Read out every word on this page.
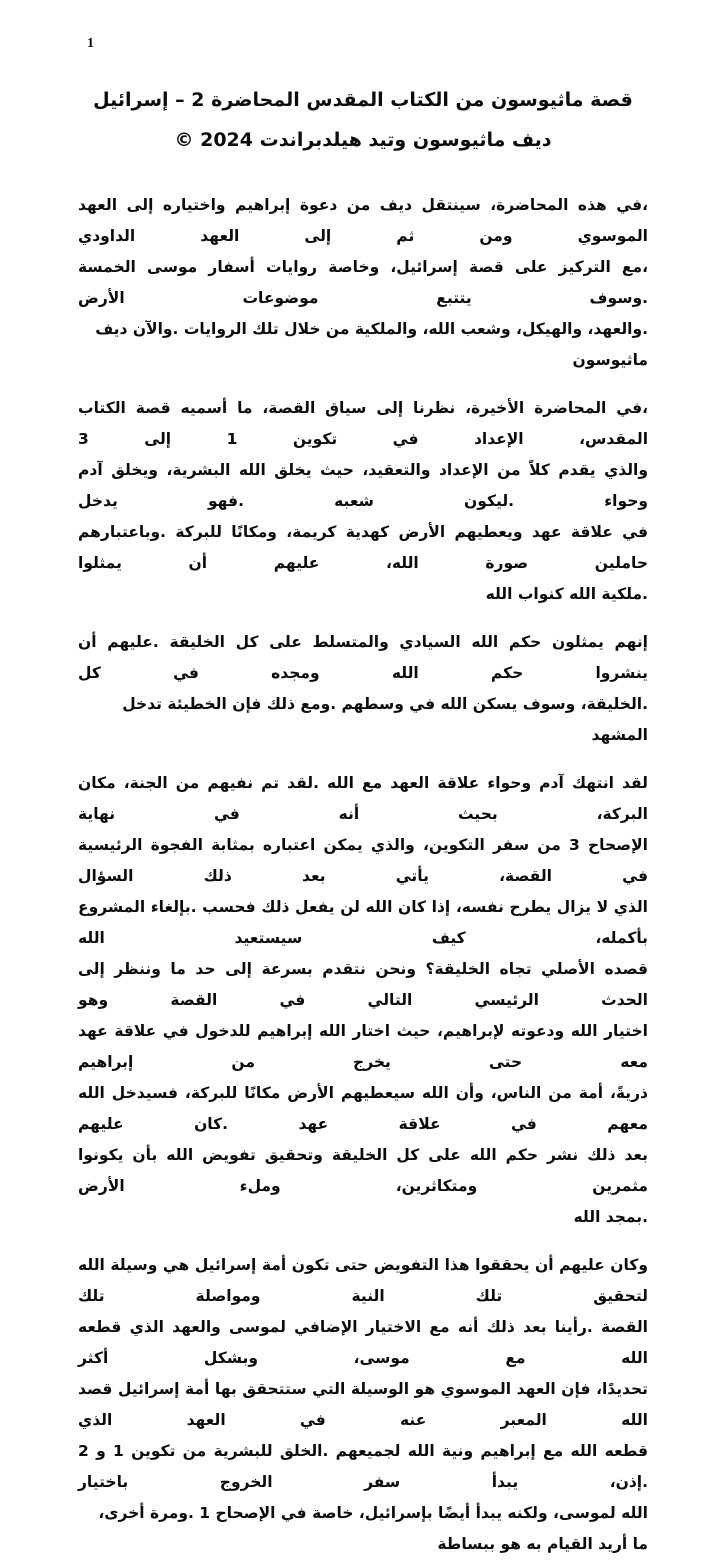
1
قصة ماثيوسون من الكتاب المقدس المحاضرة 2 – إسرائيل
ديف ماثيوسون وتيد هيلدبراندت 2024 ©
،في هذه المحاضرة، سينتقل ديف من دعوة إبراهيم واختياره إلى العهد الموسوي ومن ثم إلى العهد الداودي
،مع التركيز على قصة إسرائيل، وخاصة روايات أسفار موسى الخمسة .وسوف يتتبع موضوعات الأرض
.والعهد، والهيكل، وشعب الله، والملكية من خلال تلك الروايات .والآن ديف ماثيوسون
،في المحاضرة الأخيرة، نظرنا إلى سياق القصة، ما أسميه قصة الكتاب المقدس، الإعداد في تكوين 1 إلى 3
والذي يقدم كلاً من الإعداد والتعقيد، حيث يخلق الله البشرية، ويخلق آدم وحواء .ليكون شعبه .فهو يدخل
في علاقة عهد ويعطيهم الأرض كهدية كريمة، ومكانًا للبركة .وباعتبارهم حاملين صورة الله، عليهم أن يمثلوا
.ملكية الله كنواب الله
إنهم يمثلون حكم الله السيادي والمتسلط على كل الخليقة .عليهم أن ينشروا حكم الله ومجده في كل
.الخليقة، وسوف يسكن الله في وسطهم .ومع ذلك فإن الخطيئة تدخل المشهد
لقد انتهك آدم وحواء علاقة العهد مع الله .لقد تم نفيهم من الجنة، مكان البركة، بحيث أنه في نهاية
الإصحاح 3 من سفر التكوين، والذي يمكن اعتباره بمثابة الفجوة الرئيسية في القصة، يأتي بعد ذلك السؤال
الذي لا يزال يطرح نفسه، إذا كان الله لن يفعل ذلك فحسب .بإلغاء المشروع بأكمله، كيف سيستعيد الله
قصده الأصلي تجاه الخليقة؟ ونحن نتقدم بسرعة إلى حد ما وننظر إلى الحدث الرئيسي التالي في القصة وهو
اختيار الله ودعوته لإبراهيم، حيث اختار الله إبراهيم للدخول في علاقة عهد معه حتى يخرج من إبراهيم
ذريةً، أمة من الناس، وأن الله سيعطيهم الأرض مكانًا للبركة، فسيدخل الله معهم في علاقة عهد .كان عليهم
بعد ذلك نشر حكم الله على كل الخليقة وتحقيق تفويض الله بأن يكونوا مثمرين ومتكاثرين، وملء الأرض
.بمجد الله
وكان عليهم أن يحققوا هذا التفويض حتى تكون أمة إسرائيل هي وسيلة الله لتحقيق تلك النية ومواصلة تلك
القصة .رأينا بعد ذلك أنه مع الاختيار الإضافي لموسى والعهد الذي قطعه الله مع موسى، وبشكل أكثر
تحديدًا، فإن العهد الموسوي هو الوسيلة التي ستتحقق بها أمة إسرائيل قصد الله المعبر عنه في العهد الذي
قطعه الله مع إبراهيم ونية الله لجميعهم .الخلق للبشرية من تكوين 1 و 2 .إذن، يبدأ سفر الخروج باختيار
الله لموسى، ولكنه يبدأ أيضًا بإسرائيل، خاصة في الإصحاح 1 .ومرة أخرى، ما أريد القيام به هو ببساطة
